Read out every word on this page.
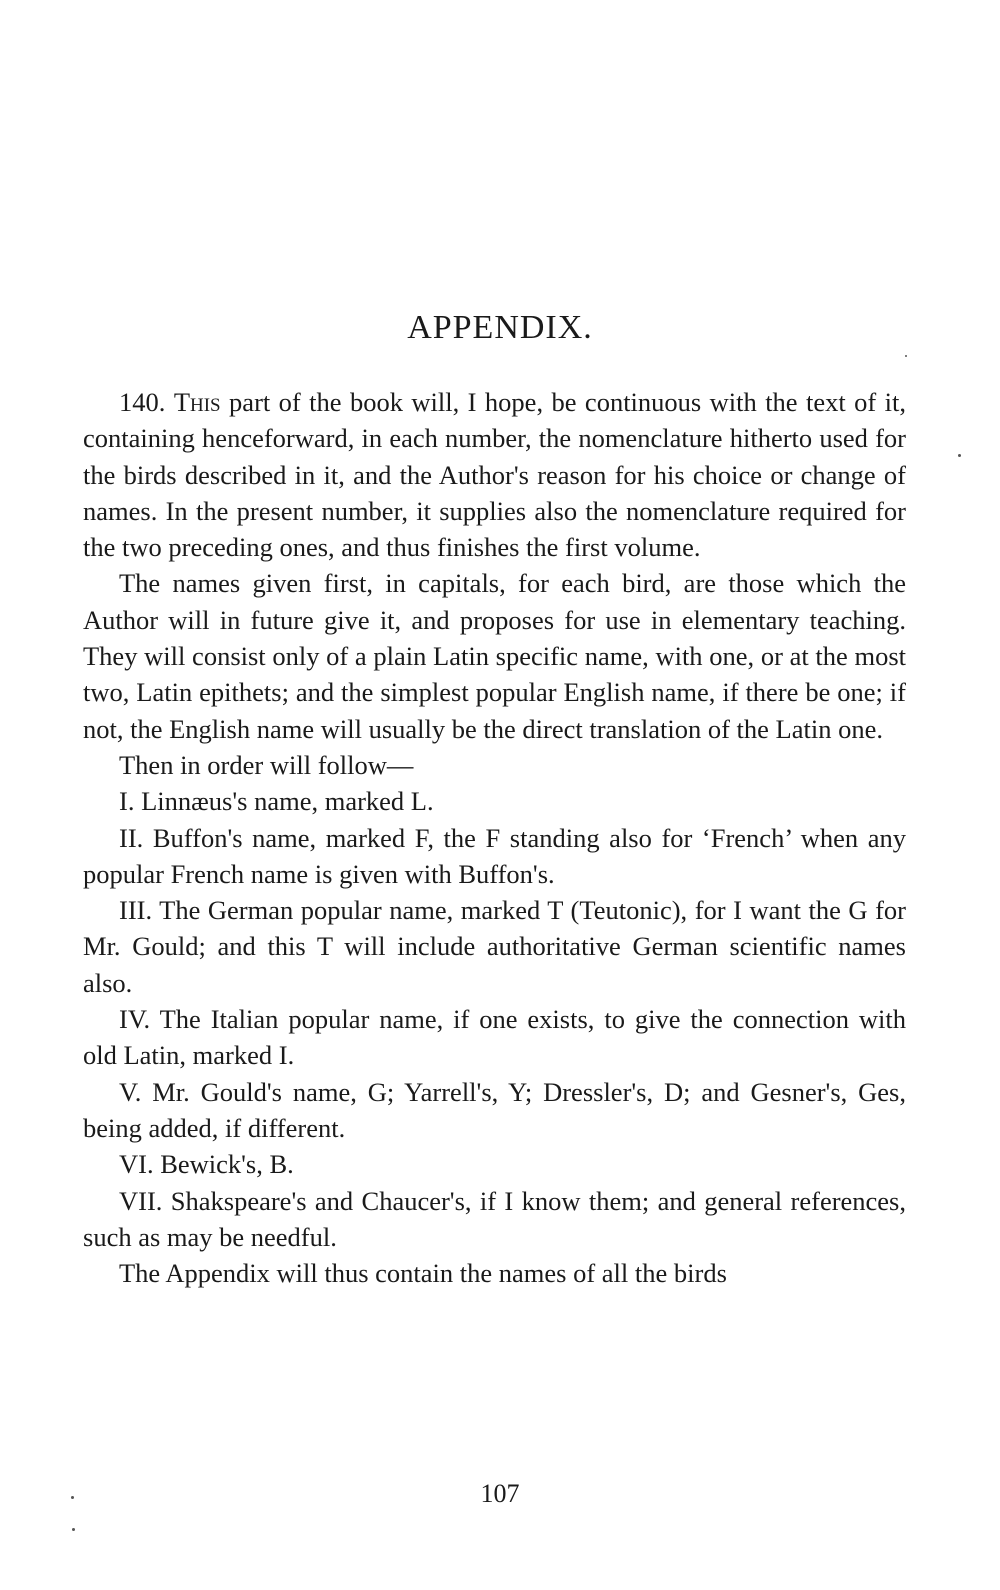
APPENDIX.

140. This part of the book will, I hope, be continuous with the text of it, containing henceforward, in each number, the nomenclature hitherto used for the birds described in it, and the Author's reason for his choice or change of names. In the present number, it supplies also the nomenclature required for the two preceding ones, and thus finishes the first volume.

The names given first, in capitals, for each bird, are those which the Author will in future give it, and proposes for use in elementary teaching. They will consist only of a plain Latin specific name, with one, or at the most two, Latin epithets; and the simplest popular English name, if there be one; if not, the English name will usually be the direct translation of the Latin one.

Then in order will follow—

I. Linnæus's name, marked L.

II. Buffon's name, marked F, the F standing also for ‘French’ when any popular French name is given with Buffon's.

III. The German popular name, marked T (Teutonic), for I want the G for Mr. Gould; and this T will include authoritative German scientific names also.

IV. The Italian popular name, if one exists, to give the connection with old Latin, marked I.

V. Mr. Gould's name, G; Yarrell's, Y; Dressler's, D; and Gesner's, Ges, being added, if different.

VI. Bewick's, B.

VII. Shakspeare's and Chaucer's, if I know them; and general references, such as may be needful.

The Appendix will thus contain the names of all the birds

107
